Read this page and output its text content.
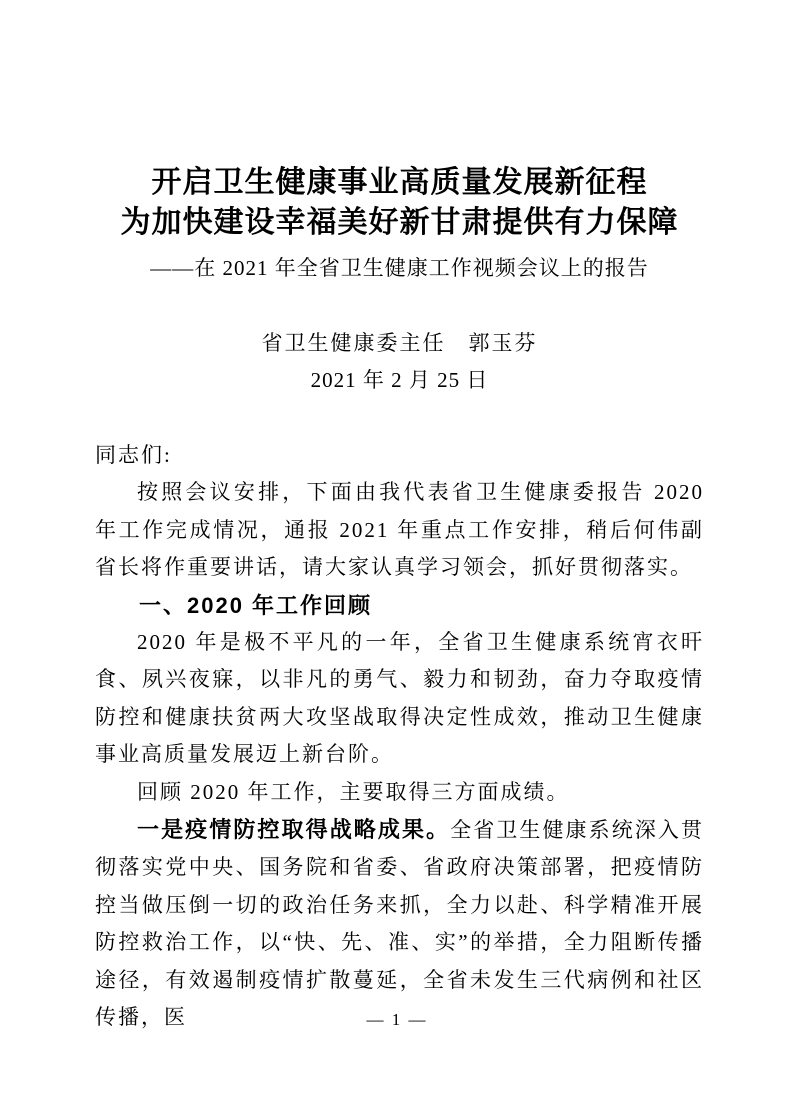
开启卫生健康事业高质量发展新征程
为加快建设幸福美好新甘肃提供有力保障
——在 2021 年全省卫生健康工作视频会议上的报告
省卫生健康委主任　郭玉芬
2021 年 2 月 25 日

同志们:

按照会议安排，下面由我代表省卫生健康委报告 2020 年工作完成情况，通报 2021 年重点工作安排，稍后何伟副省长将作重要讲话，请大家认真学习领会，抓好贯彻落实。

一、2020 年工作回顾

2020 年是极不平凡的一年，全省卫生健康系统宵衣旰食、夙兴夜寐，以非凡的勇气、毅力和韧劲，奋力夺取疫情防控和健康扶贫两大攻坚战取得决定性成效，推动卫生健康事业高质量发展迈上新台阶。

回顾 2020 年工作，主要取得三方面成绩。

一是疫情防控取得战略成果。全省卫生健康系统深入贯彻落实党中央、国务院和省委、省政府决策部署，把疫情防控当做压倒一切的政治任务来抓，全力以赴、科学精准开展防控救治工作，以“快、先、准、实”的举措，全力阻断传播途径，有效遏制疫情扩散蔓延，全省未发生三代病例和社区传播，医	— 1 —
